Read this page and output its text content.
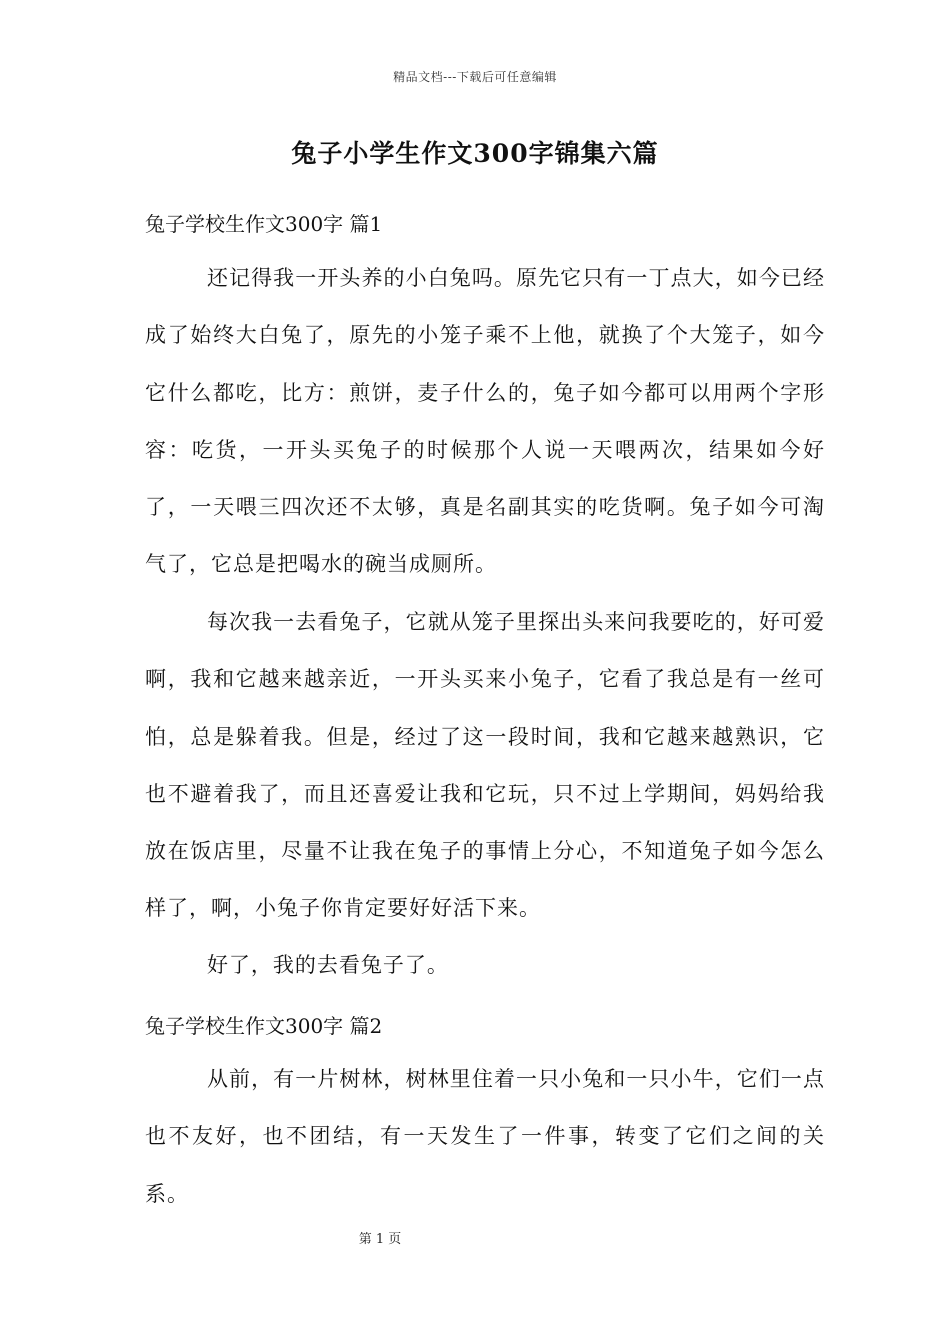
精品文档---下载后可任意编辑
兔子小学生作文300字锦集六篇
兔子学校生作文300字 篇1

还记得我一开头养的小白兔吗。原先它只有一丁点大，如今已经成了始终大白兔了，原先的小笼子乘不上他，就换了个大笼子，如今它什么都吃，比方：煎饼，麦子什么的，兔子如今都可以用两个字形容：吃货，一开头买兔子的时候那个人说一天喂两次，结果如今好了，一天喂三四次还不太够，真是名副其实的吃货啊。兔子如今可淘气了，它总是把喝水的碗当成厕所。

每次我一去看兔子，它就从笼子里探出头来问我要吃的，好可爱啊，我和它越来越亲近，一开头买来小兔子，它看了我总是有一丝可怕，总是躲着我。但是，经过了这一段时间，我和它越来越熟识，它也不避着我了，而且还喜爱让我和它玩，只不过上学期间，妈妈给我放在饭店里，尽量不让我在兔子的事情上分心，不知道兔子如今怎么样了，啊，小兔子你肯定要好好活下来。

好了，我的去看兔子了。

兔子学校生作文300字 篇2

从前，有一片树林，树林里住着一只小兔和一只小牛，它们一点也不友好，也不团结，有一天发生了一件事，转变了它们之间的关系。

第 1 页
